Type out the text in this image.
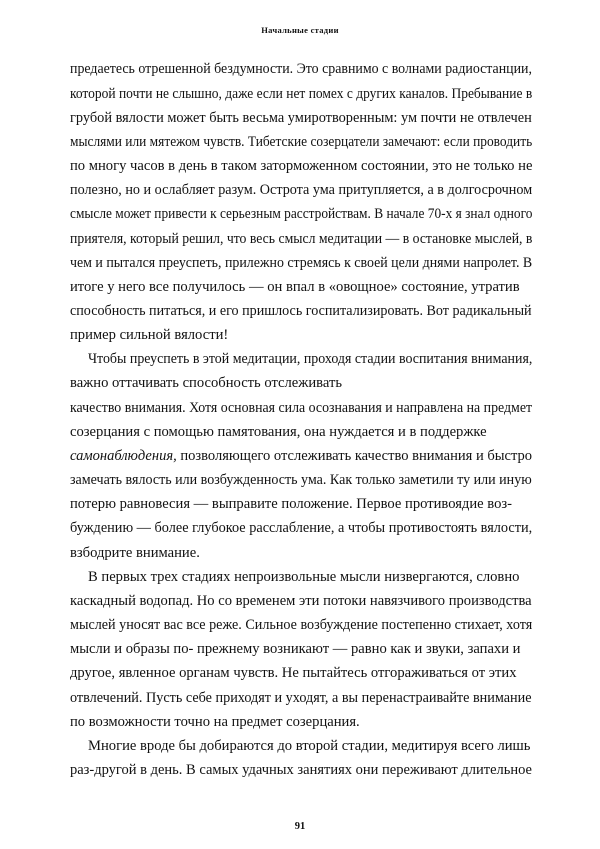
Начальные стадии
предаетесь отрешенной бездумности. Это сравнимо с волнами радиостанции,
которой почти не слышно, даже если нет помех с других каналов. Пребывание в
грубой вялости может быть весьма умиротворенным: ум почти не отвлечен
мыслями или мятежом чувств. Тибетские созерцатели замечают: если проводить
по многу часов в день в таком заторможенном состоянии, это не только не
полезно, но и ослабляет разум. Острота ума притупляется, а в долгосрочном
смысле может привести к серьезным расстройствам. В начале 70-х я знал одного
приятеля, который решил, что весь смысл медитации — в остановке мыслей, в
чем и пытался преуспеть, прилежно стремясь к своей цели днями напролет. В
итоге у него все получилось — он впал в «овощное» состояние, утратив
способность питаться, и его пришлось госпитализировать. Вот радикальный
пример сильной вялости!
Чтобы преуспеть в этой медитации, проходя стадии воспитания внимания,
важно оттачивать способность отслеживать
качество внимания. Хотя основная сила осознавания и направлена на предмет
созерцания с помощью памятования, она нуждается и в поддержке
самонаблюдения, позволяющего отслеживать качество внимания и быстро
замечать вялость или возбужденность ума. Как только заметили ту или иную
потерю равновесия — выправите положение. Первое противоядие воз-
буждению — более глубокое расслабление, а чтобы противостоять вялости,
взбодрите внимание.
В первых трех стадиях непроизвольные мысли низвергаются, словно
каскадный водопад. Но со временем эти потоки навязчивого производства
мыслей уносят вас все реже. Сильное возбуждение постепенно стихает, хотя
мысли и образы по- прежнему возникают — равно как и звуки, запахи и
другое, явленное органам чувств. Не пытайтесь отгораживаться от этих
отвлечений. Пусть себе приходят и уходят, а вы перенастраивайте внимание
по возможности точно на предмет созерцания.
Многие вроде бы добираются до второй стадии, медитируя всего лишь
раз-другой в день. В самых удачных занятиях они переживают длительное
91
